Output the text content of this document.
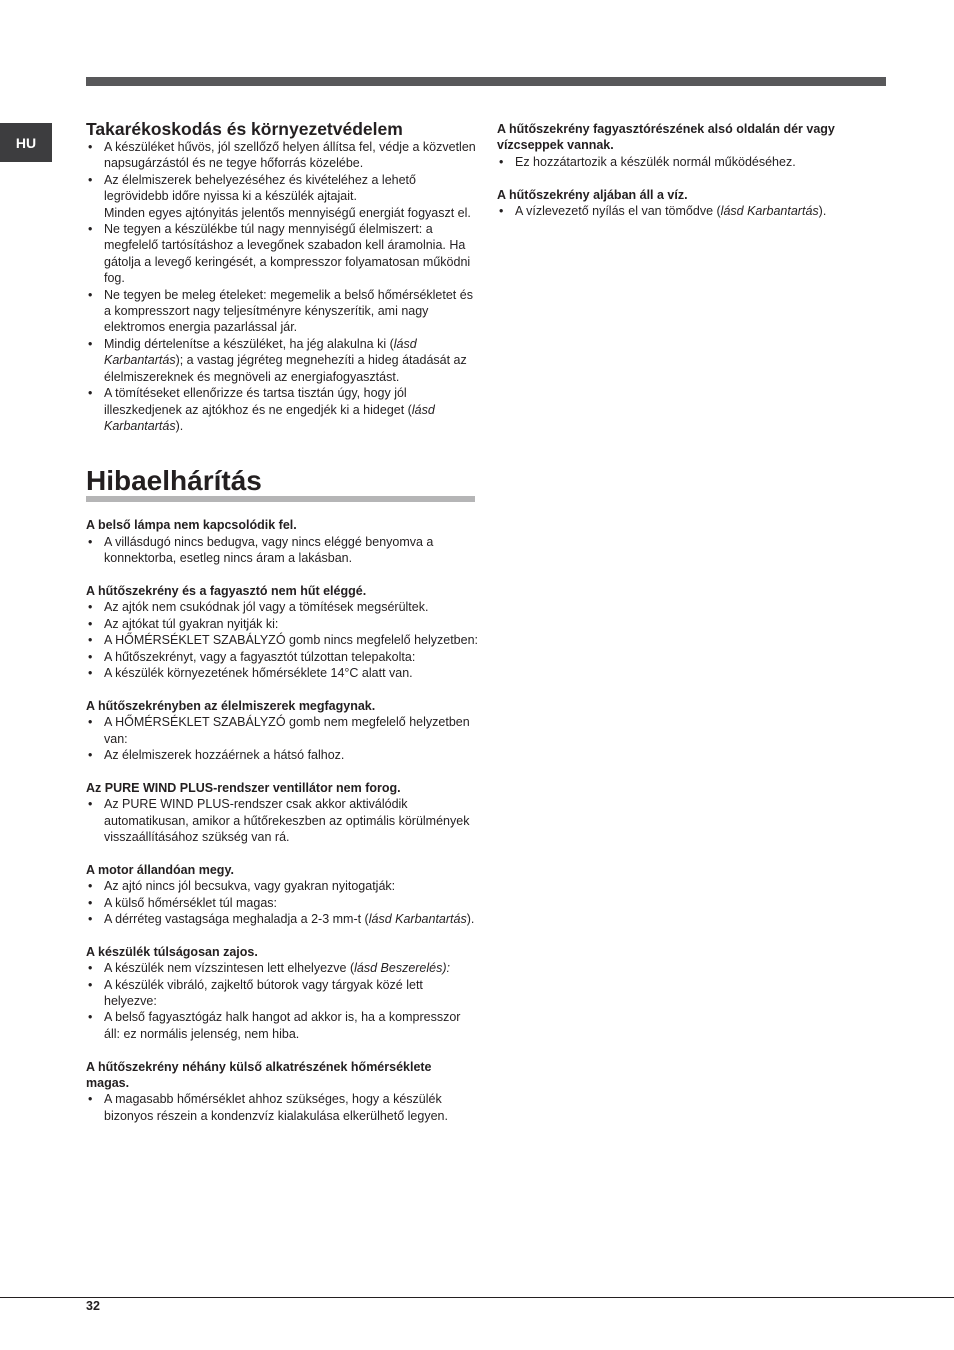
HU
Takarékoskodás és környezetvédelem
• A készüléket hűvös, jól szellőző helyen állítsa fel, védje a közvetlen napsugárzástól és ne tegye hőforrás közelébe.
• Az élelmiszerek behelyezéséhez és kivételéhez a lehető legrövidebb időre nyissa ki a készülék ajtajait.
Minden egyes ajtónyitás jelentős mennyiségű energiát fogyaszt el.
• Ne tegyen a készülékbe túl nagy mennyiségű élelmiszert: a megfelelő tartósításhoz a levegőnek szabadon kell áramolnia. Ha gátolja a levegő keringését, a kompresszor folyamatosan működni fog.
• Ne tegyen be meleg ételeket: megemelik a belső hőmérsékletet és a kompresszort nagy teljesítményre kényszerítik, ami nagy elektromos energia pazarlással jár.
• Mindig dértelenítse a készüléket, ha jég alakulna ki (lásd Karbantartás); a vastag jégréteg megnehezíti a hideg átadását az élelmiszereknek és megnöveli az energiafogyasztást.
• A tömítéseket ellenőrizze és tartsa tisztán úgy, hogy jól illeszkedjenek az ajtókhoz és ne engedjék ki a hideget (lásd Karbantartás).
Hibaelhárítás

A belső lámpa nem kapcsolódik fel.

• A villásdugó nincs bedugva, vagy nincs eléggé benyomva a konnektorba, esetleg nincs áram a lakásban.

A hűtőszekrény és a fagyasztó nem hűt eléggé.

• Az ajtók nem csukódnak jól vagy a tömítések megsérültek.
• Az ajtókat túl gyakran nyitják ki:
• A HŐMÉRSÉKLET SZABÁLYZÓ gomb nincs megfelelő helyzetben:
• A hűtőszekrényt, vagy a fagyasztót túlzottan telepakolta:
• A készülék környezetének hőmérséklete 14°C alatt van.

A hűtőszekrényben az élelmiszerek megfagynak.

• A HŐMÉRSÉKLET SZABÁLYZÓ gomb nem megfelelő helyzetben van:
• Az élelmiszerek hozzáérnek a hátsó falhoz.

Az PURE WIND PLUS-rendszer ventillátor nem forog.

• Az PURE WIND PLUS-rendszer csak akkor aktiválódik automatikusan, amikor a hűtőrekeszben az optimális körülmények visszaállításához szükség van rá.

A motor állandóan megy.

• Az ajtó nincs jól becsukva, vagy gyakran nyitogatják:
• A külső hőmérséklet túl magas:
• A dérréteg vastagsága meghaladja a 2-3 mm-t (lásd Karbantartás).

A készülék túlságosan zajos.

• A készülék nem vízszintesen lett elhelyezve (lásd Beszerelés):
• A készülék vibráló, zajkeltő bútorok vagy tárgyak közé lett helyezve:
• A belső fagyasztógáz halk hangot ad akkor is, ha a kompresszor áll: ez normális jelenség, nem hiba.

A hűtőszekrény néhány külső alkatrészének hőmérséklete magas.

• A magasabb hőmérséklet ahhoz szükséges, hogy a készülék bizonyos részein a kondenzvíz kialakulása elkerülhető legyen.

A hűtőszekrény fagyasztórészének alsó oldalán dér vagy vízcseppek vannak.

• Ez hozzátartozik a készülék normál működéséhez.

A hűtőszekrény aljában áll a víz.

• A vízlevezető nyílás el van tömődve (lásd Karbantartás).
32
